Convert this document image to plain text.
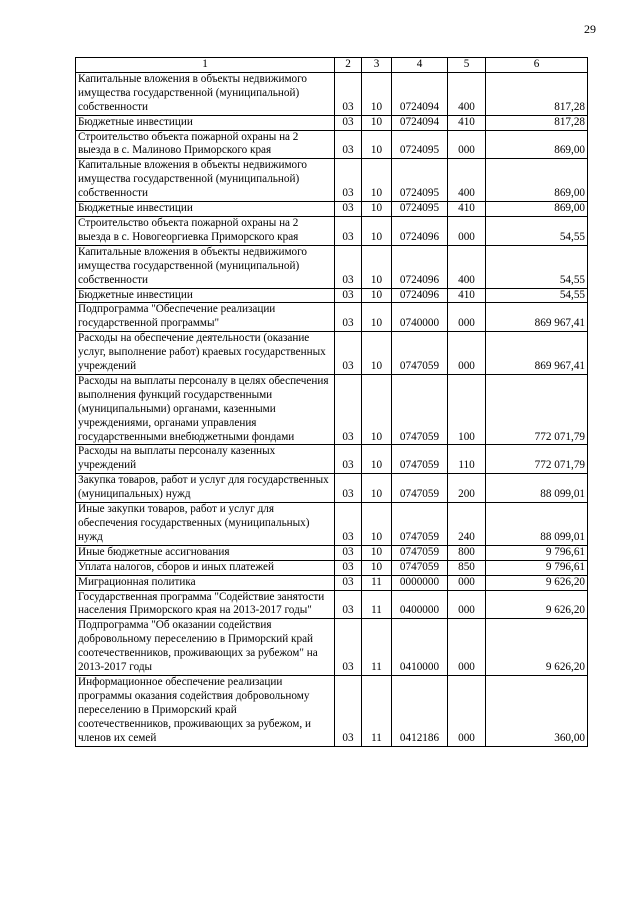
29
1	2	3	4	5	6
Капитальные вложения в объекты недвижимого имущества государственной (муниципальной) собственности	03	10	0724094	400	817,28
Бюджетные инвестиции	03	10	0724094	410	817,28
Строительство объекта пожарной охраны на 2 выезда в с. Малиново Приморского края	03	10	0724095	000	869,00
Капитальные вложения в объекты недвижимого имущества государственной (муниципальной) собственности	03	10	0724095	400	869,00
Бюджетные инвестиции	03	10	0724095	410	869,00
Строительство объекта пожарной охраны на 2 выезда в с. Новогеоргиевка Приморского края	03	10	0724096	000	54,55
Капитальные вложения в объекты недвижимого имущества государственной (муниципальной) собственности	03	10	0724096	400	54,55
Бюджетные инвестиции	03	10	0724096	410	54,55
Подпрограмма "Обеспечение реализации государственной программы"	03	10	0740000	000	869 967,41
Расходы на обеспечение деятельности (оказание услуг, выполнение работ) краевых государственных учреждений	03	10	0747059	000	869 967,41
Расходы на выплаты персоналу в целях обеспечения выполнения функций государственными (муниципальными) органами, казенными учреждениями, органами управления государственными внебюджетными фондами	03	10	0747059	100	772 071,79
Расходы на выплаты персоналу казенных учреждений	03	10	0747059	110	772 071,79
Закупка товаров, работ и услуг для государственных (муниципальных) нужд	03	10	0747059	200	88 099,01
Иные закупки товаров, работ и услуг для обеспечения государственных (муниципальных) нужд	03	10	0747059	240	88 099,01
Иные бюджетные ассигнования	03	10	0747059	800	9 796,61
Уплата налогов, сборов и иных платежей	03	10	0747059	850	9 796,61
Миграционная политика	03	11	0000000	000	9 626,20
Государственная программа "Содействие занятости населения Приморского края на 2013-2017 годы"	03	11	0400000	000	9 626,20
Подпрограмма "Об оказании содействия добровольному переселению в Приморский край соотечественников, проживающих за рубежом" на 2013-2017 годы	03	11	0410000	000	9 626,20
Информационное обеспечение реализации программы оказания содействия добровольному переселению в Приморский край соотечественников, проживающих за рубежом, и членов их семей	03	11	0412186	000	360,00
